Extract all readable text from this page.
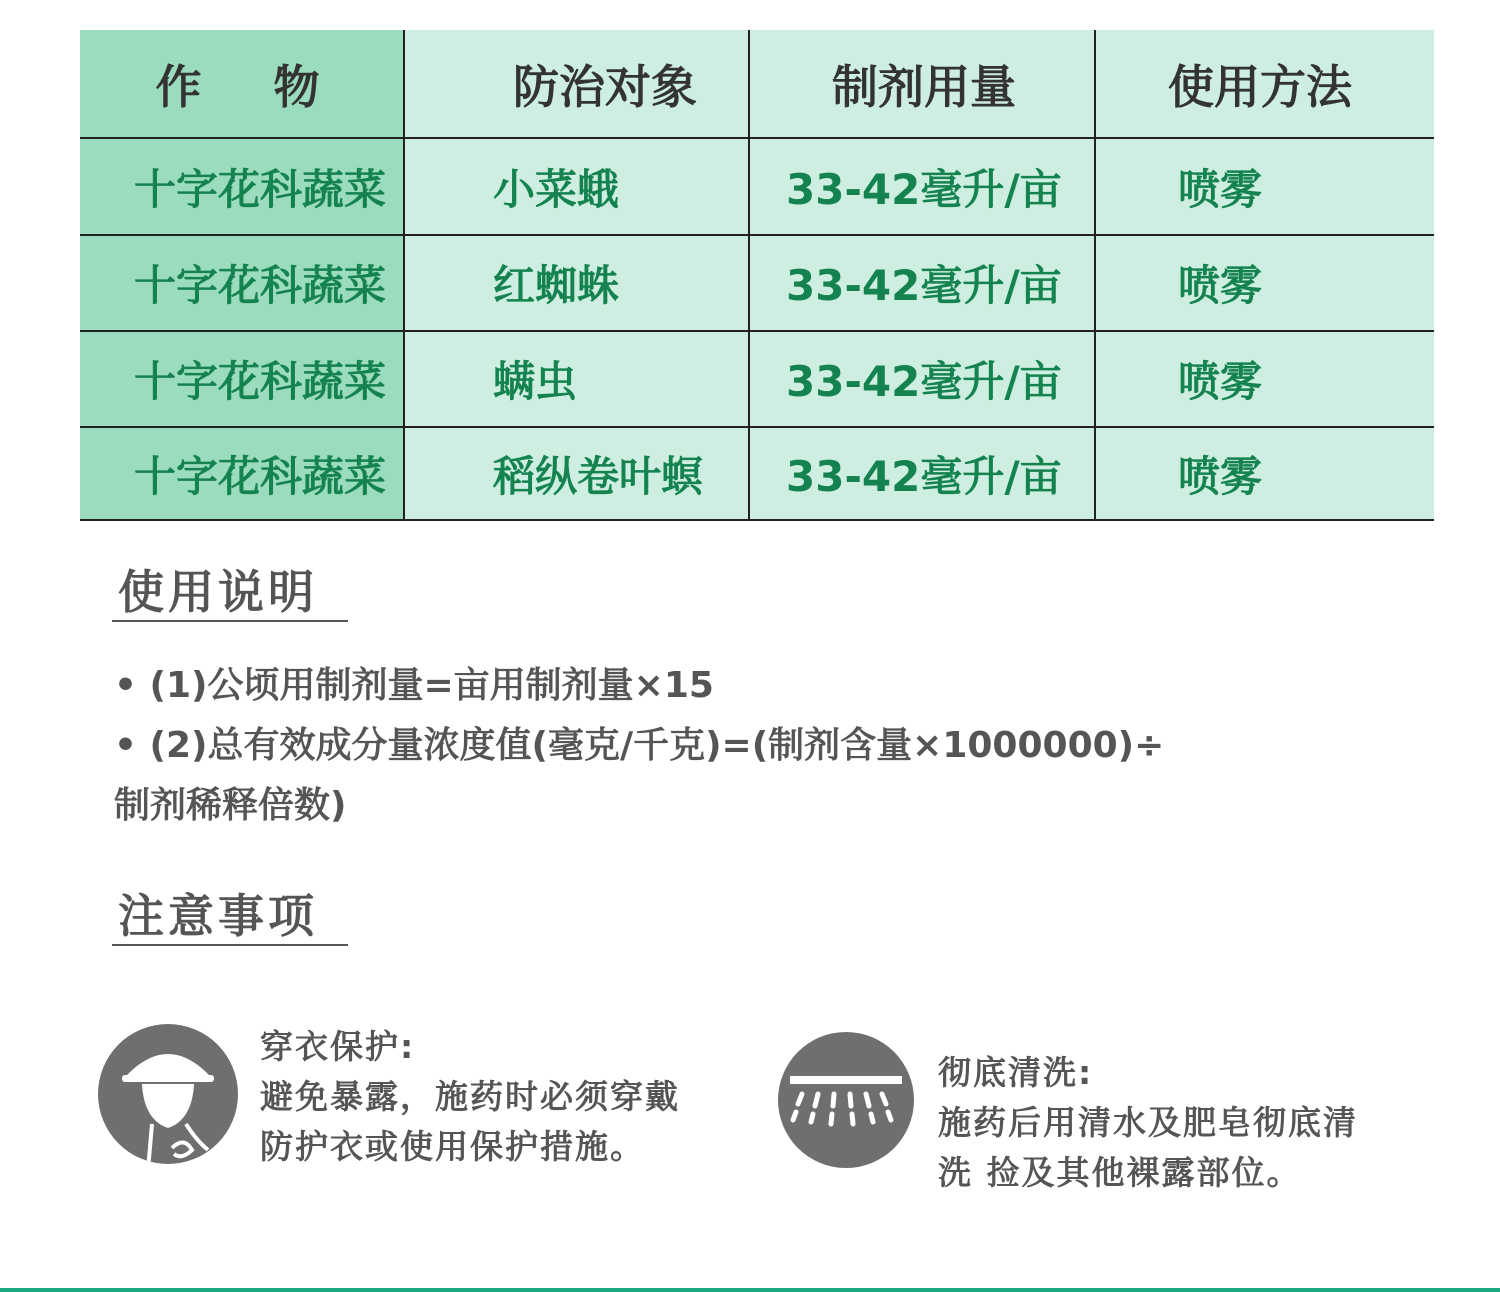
作 物	防治对象	制剂用量	使用方法
十字花科蔬菜	小菜蛾	33-42毫升/亩	喷雾
十字花科蔬菜	红蜘蛛	33-42毫升/亩	喷雾
十字花科蔬菜	螨虫	33-42毫升/亩	喷雾
十字花科蔬菜	稻纵卷叶螟	33-42毫升/亩	喷雾
使用说明

• (1)公顷用制剂量=亩用制剂量×15

• (2)总有效成分量浓度值(毫克/千克)=(制剂含量×1000000)÷

制剂稀释倍数)

注意事项

穿衣保护:

避免暴露，施药时必须穿戴

防护衣或使用保护措施。

彻底清洗:

施药后用清水及肥皂彻底清

洗 捡及其他裸露部位。
